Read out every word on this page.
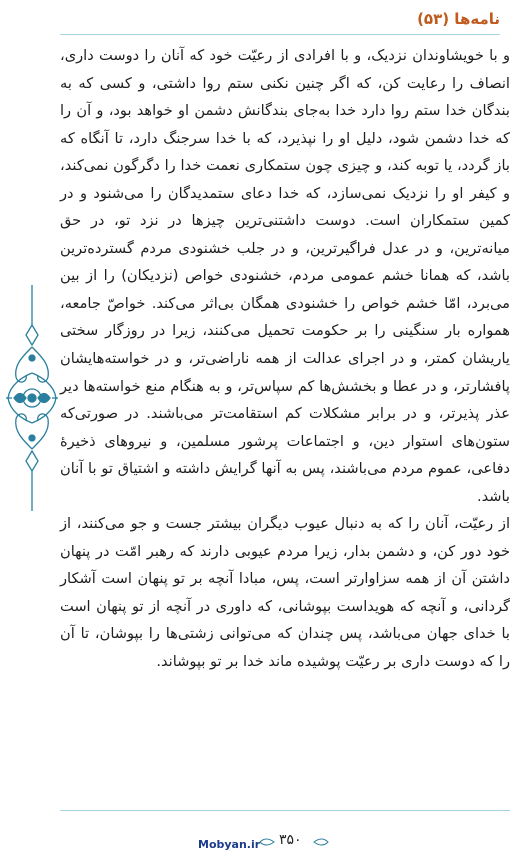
نامه‌ها (۵۳)

و با خویشاوندان نزدیک، و با افرادی از رعیّت خود که آنان را دوست داری، انصاف را رعایت کن، که اگر چنین نکنی ستم روا داشتی، و کسی که به بندگان خدا ستم روا دارد خدا به‌جای بندگانش دشمن او خواهد بود، و آن را که خدا دشمن شود، دلیل او را نپذیرد، که با خدا سرجنگ دارد، تا آنگاه که باز گردد، یا توبه کند، و چیزی چون ستمکاری نعمت خدا را دگرگون نمی‌کند، و کیفر او را نزدیک نمی‌سازد، که خدا دعای ستمدیدگان را می‌شنود و در کمین ستمکاران است. دوست داشتنی‌ترین چیزها در نزد تو، در حق میانه‌ترین، و در عدل فراگیرترین، و در جلب خشنودی مردم گسترده‌ترین باشد، که همانا خشم عمومی مردم، خشنودی خواص (نزدیکان) را از بین می‌برد، امّا خشم خواص را خشنودی همگان بی‌اثر می‌کند. خواصّ جامعه، همواره بار سنگینی را بر حکومت تحمیل می‌کنند، زیرا در روزگار سختی یاریشان کمتر، و در اجرای عدالت از همه ناراضی‌تر، و در خواسته‌هایشان پافشارتر، و در عطا و بخشش‌ها کم سپاس‌تر، و به هنگام منع خواسته‌ها دیر عذر پذیرتر، و در برابر مشکلات کم استقامت‌تر می‌باشند. در صورتی‌که ستون‌های استوار دین، و اجتماعات پرشور مسلمین، و نیروهای ذخیرهٔ دفاعی، عموم مردم می‌باشند، پس به آنها گرایش داشته و اشتیاق تو با آنان باشد.

از رعیّت، آنان را که به دنبال عیوب دیگران بیشتر جست و جو می‌کنند، از خود دور کن، و دشمن بدار، زیرا مردم عیوبی دارند که رهبر امّت در پنهان داشتن آن از همه سزاوارتر است، پس، مبادا آنچه بر تو پنهان است آشکار گردانی، و آنچه که هویداست بپوشانی، که داوری در آنچه از تو پنهان است با خدای جهان می‌باشد، پس چندان که می‌توانی زشتی‌ها را بپوشان، تا آن را که دوست داری بر رعیّت پوشیده ماند خدا بر تو بپوشاند.

Mobyan.ir ۳۵۰
